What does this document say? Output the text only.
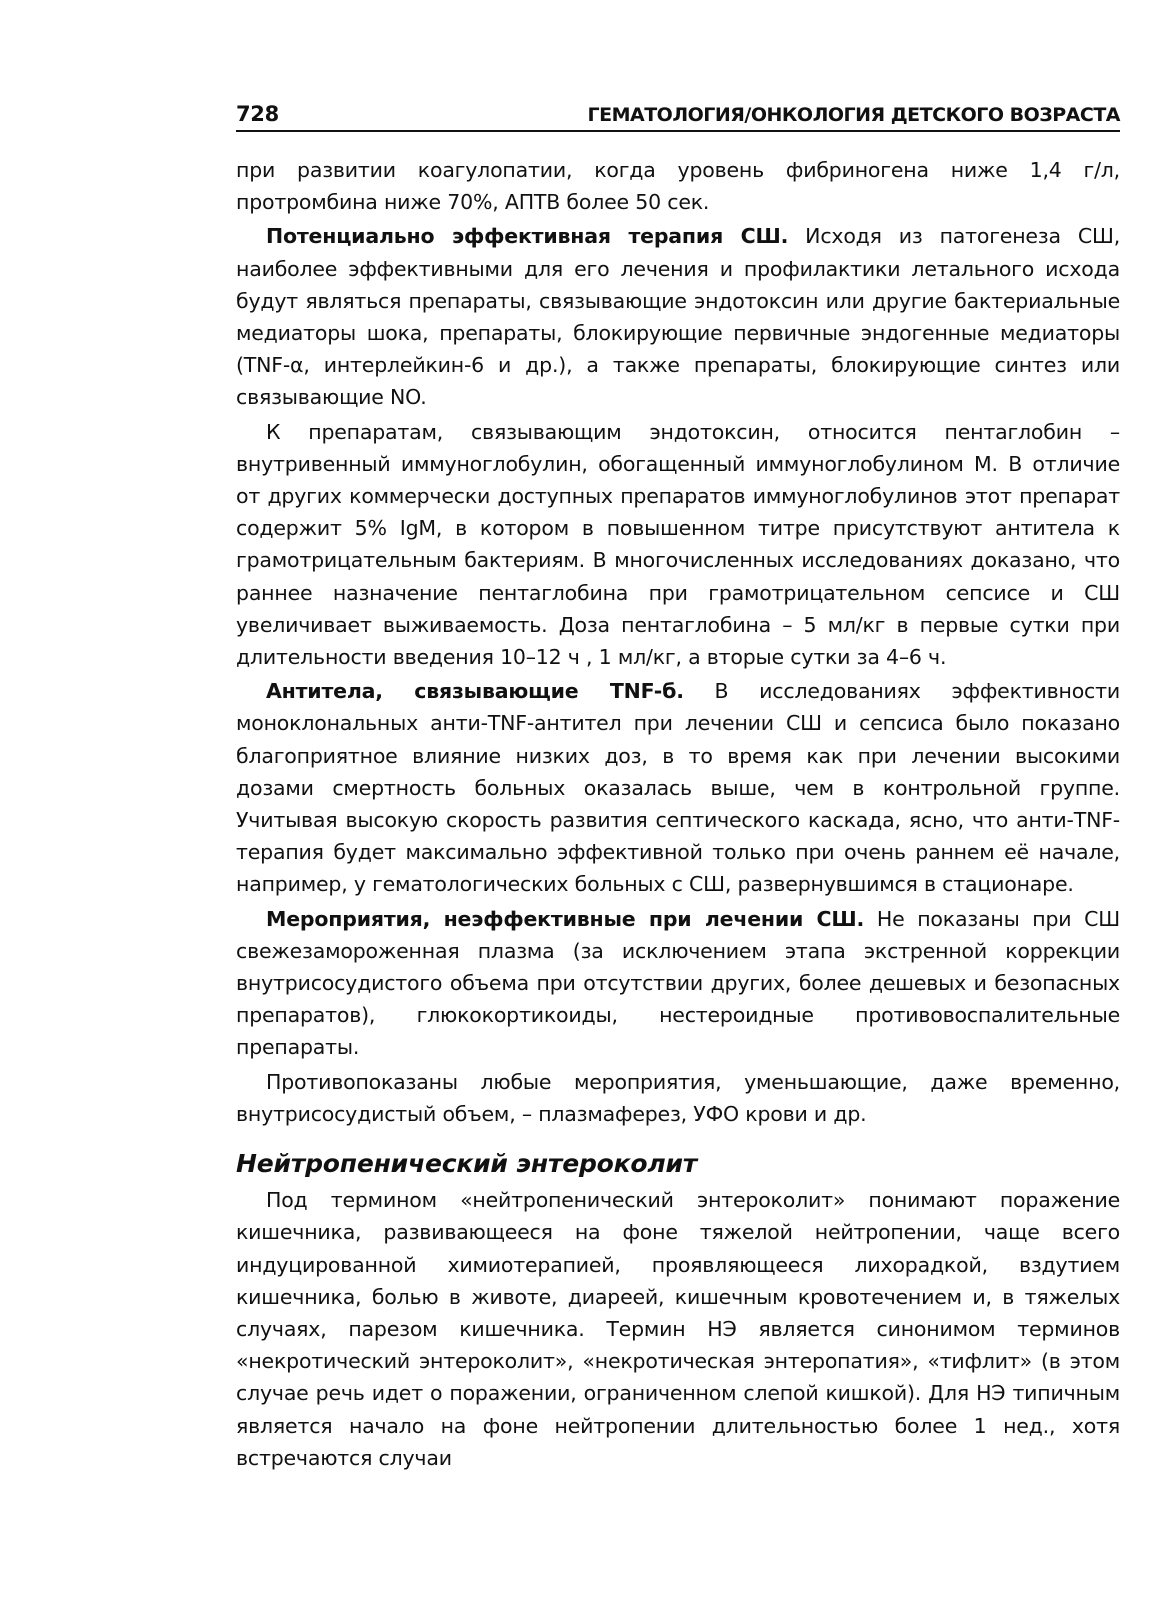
728	ГЕМАТОЛОГИЯ/ОНКОЛОГИЯ ДЕТСКОГО ВОЗРАСТА

при развитии коагулопатии, когда уровень фибриногена ниже 1,4 г/л, протромбина ниже 70%, АПТВ более 50 сек.

Потенциально эффективная терапия СШ. Исходя из патогенеза СШ, наиболее эффективными для его лечения и профилактики летального исхода будут являться препараты, связывающие эндотоксин или другие бактериальные медиаторы шока, препараты, блокирующие первичные эндогенные медиаторы (TNF-α, интерлейкин-6 и др.), а также препараты, блокирующие синтез или связывающие NO.

К препаратам, связывающим эндотоксин, относится пентаглобин – внутривенный иммуноглобулин, обогащенный иммуноглобулином М. В отличие от других коммерчески доступных препаратов иммуноглобулинов этот препарат содержит 5% IgM, в котором в повышенном титре присутствуют антитела к грамотрицательным бактериям. В многочисленных исследованиях доказано, что раннее назначение пентаглобина при грамотрицательном сепсисе и СШ увеличивает выживаемость. Доза пентаглобина – 5 мл/кг в первые сутки при длительности введения 10–12 ч , 1 мл/кг, а вторые сутки за 4–6 ч.

Антитела, связывающие TNF-б. В исследованиях эффективности моноклональных анти-TNF-антител при лечении СШ и сепсиса было показано благоприятное влияние низких доз, в то время как при лечении высокими дозами смертность больных оказалась выше, чем в контрольной группе. Учитывая высокую скорость развития септического каскада, ясно, что анти-TNF-терапия будет максимально эффективной только при очень раннем её начале, например, у гематологических больных с СШ, развернувшимся в стационаре.

Мероприятия, неэффективные при лечении СШ. Не показаны при СШ свежезамороженная плазма (за исключением этапа экстренной коррекции внутрисосудистого объема при отсутствии других, более дешевых и безопасных препаратов), глюкокортикоиды, нестероидные противовоспалительные препараты.

Противопоказаны любые мероприятия, уменьшающие, даже временно, внутрисосудистый объем, – плазмаферез, УФО крови и др.

Нейтропенический энтероколит

Под термином «нейтропенический энтероколит» понимают поражение кишечника, развивающееся на фоне тяжелой нейтропении, чаще всего индуцированной химиотерапией, проявляющееся лихорадкой, вздутием кишечника, болью в животе, диареей, кишечным кровотечением и, в тяжелых случаях, парезом кишечника. Термин НЭ является синонимом терминов «некротический энтероколит», «некротическая энтеропатия», «тифлит» (в этом случае речь идет о поражении, ограниченном слепой кишкой). Для НЭ типичным является начало на фоне нейтропении длительностью более 1 нед., хотя встречаются случаи
